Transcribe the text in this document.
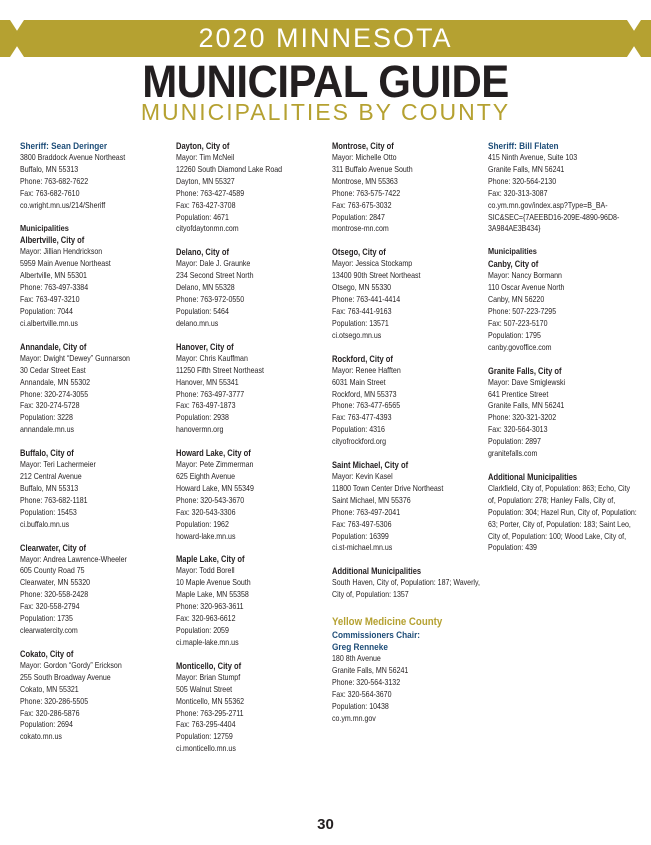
2020 MINNESOTA
MUNICIPAL GUIDE
MUNICIPALITIES BY COUNTY
Sheriff: Sean Deringer
3800 Braddock Avenue Northeast
Buffalo, MN 55313
Phone: 763-682-7622
Fax: 763-682-7610
co.wright.mn.us/214/Sheriff
Municipalities
Albertville, City of
Mayor: Jillian Hendrickson
5959 Main Avenue Northeast
Albertville, MN 55301
Phone: 763-497-3384
Fax: 763-497-3210
Population: 7044
ci.albertville.mn.us
Annandale, City of
Mayor: Dwight “Dewey” Gunnarson
30 Cedar Street East
Annandale, MN 55302
Phone: 320-274-3055
Fax: 320-274-5728
Population: 3228
annandale.mn.us
Buffalo, City of
Mayor: Teri Lachermeier
212 Central Avenue
Buffalo, MN 55313
Phone: 763-682-1181
Population: 15453
ci.buffalo.mn.us
Clearwater, City of
Mayor: Andrea Lawrence-Wheeler
605 County Road 75
Clearwater, MN 55320
Phone: 320-558-2428
Fax: 320-558-2794
Population: 1735
clearwatercity.com
Cokato, City of
Mayor: Gordon “Gordy” Erickson
255 South Broadway Avenue
Cokato, MN 55321
Phone: 320-286-5505
Fax: 320-286-5876
Population: 2694
cokato.mn.us
Dayton, City of
Mayor: Tim McNeil
12260 South Diamond Lake Road
Dayton, MN 55327
Phone: 763-427-4589
Fax: 763-427-3708
Population: 4671
cityofdaytonmn.com
Delano, City of
Mayor: Dale J. Graunke
234 Second Street North
Delano, MN 55328
Phone: 763-972-0550
Population: 5464
delano.mn.us
Hanover, City of
Mayor: Chris Kauffman
11250 Fifth Street Northeast
Hanover, MN 55341
Phone: 763-497-3777
Fax: 763-497-1873
Population: 2938
hanovermn.org
Howard Lake, City of
Mayor: Pete Zimmerman
625 Eighth Avenue
Howard Lake, MN 55349
Phone: 320-543-3670
Fax: 320-543-3306
Population: 1962
howard-lake.mn.us
Maple Lake, City of
Mayor: Todd Borell
10 Maple Avenue South
Maple Lake, MN 55358
Phone: 320-963-3611
Fax: 320-963-6612
Population: 2059
ci.maple-lake.mn.us
Monticello, City of
Mayor: Brian Stumpf
505 Walnut Street
Monticello, MN 55362
Phone: 763-295-2711
Fax: 763-295-4404
Population: 12759
ci.monticello.mn.us
Montrose, City of
Mayor: Michelle Otto
311 Buffalo Avenue South
Montrose, MN 55363
Phone: 763-575-7422
Fax: 763-675-3032
Population: 2847
montrose-mn.com
Otsego, City of
Mayor: Jessica Stockamp
13400 90th Street Northeast
Otsego, MN 55330
Phone: 763-441-4414
Fax: 763-441-9163
Population: 13571
ci.otsego.mn.us
Rockford, City of
Mayor: Renee Hafften
6031 Main Street
Rockford, MN 55373
Phone: 763-477-6565
Fax: 763-477-4393
Population: 4316
cityofrockford.org
Saint Michael, City of
Mayor: Kevin Kasel
11800 Town Center Drive Northeast
Saint Michael, MN 55376
Phone: 763-497-2041
Fax: 763-497-5306
Population: 16399
ci.st-michael.mn.us
Additional Municipalities
South Haven, City of, Population: 187; Waverly, City of, Population: 1357
Yellow Medicine County
Commissioners Chair:
Greg Renneke
180 8th Avenue
Granite Falls, MN 56241
Phone: 320-564-3132
Fax: 320-564-3670
Population: 10438
co.ym.mn.gov
Sheriff: Bill Flaten
415 Ninth Avenue, Suite 103
Granite Falls, MN 56241
Phone: 320-564-2130
Fax: 320-313-3087
co.ym.mn.gov/index.asp?Type=B_BA-
SIC&SEC={7AEEBD16-209E-4890-96D8-
3A984AE3B434}
Municipalities
Canby, City of
Mayor: Nancy Bormann
110 Oscar Avenue North
Canby, MN 56220
Phone: 507-223-7295
Fax: 507-223-5170
Population: 1795
canby.govoffice.com
Granite Falls, City of
Mayor: Dave Smiglewski
641 Prentice Street
Granite Falls, MN 56241
Phone: 320-321-3202
Fax: 320-564-3013
Population: 2897
granitefalls.com
Additional Municipalities
Clarkfield, City of, Population: 863; Echo, City of, Population: 278; Hanley Falls, City of, Population: 304; Hazel Run, City of, Population: 63; Porter, City of, Population: 183; Saint Leo, City of, Population: 100; Wood Lake, City of, Population: 439
30
